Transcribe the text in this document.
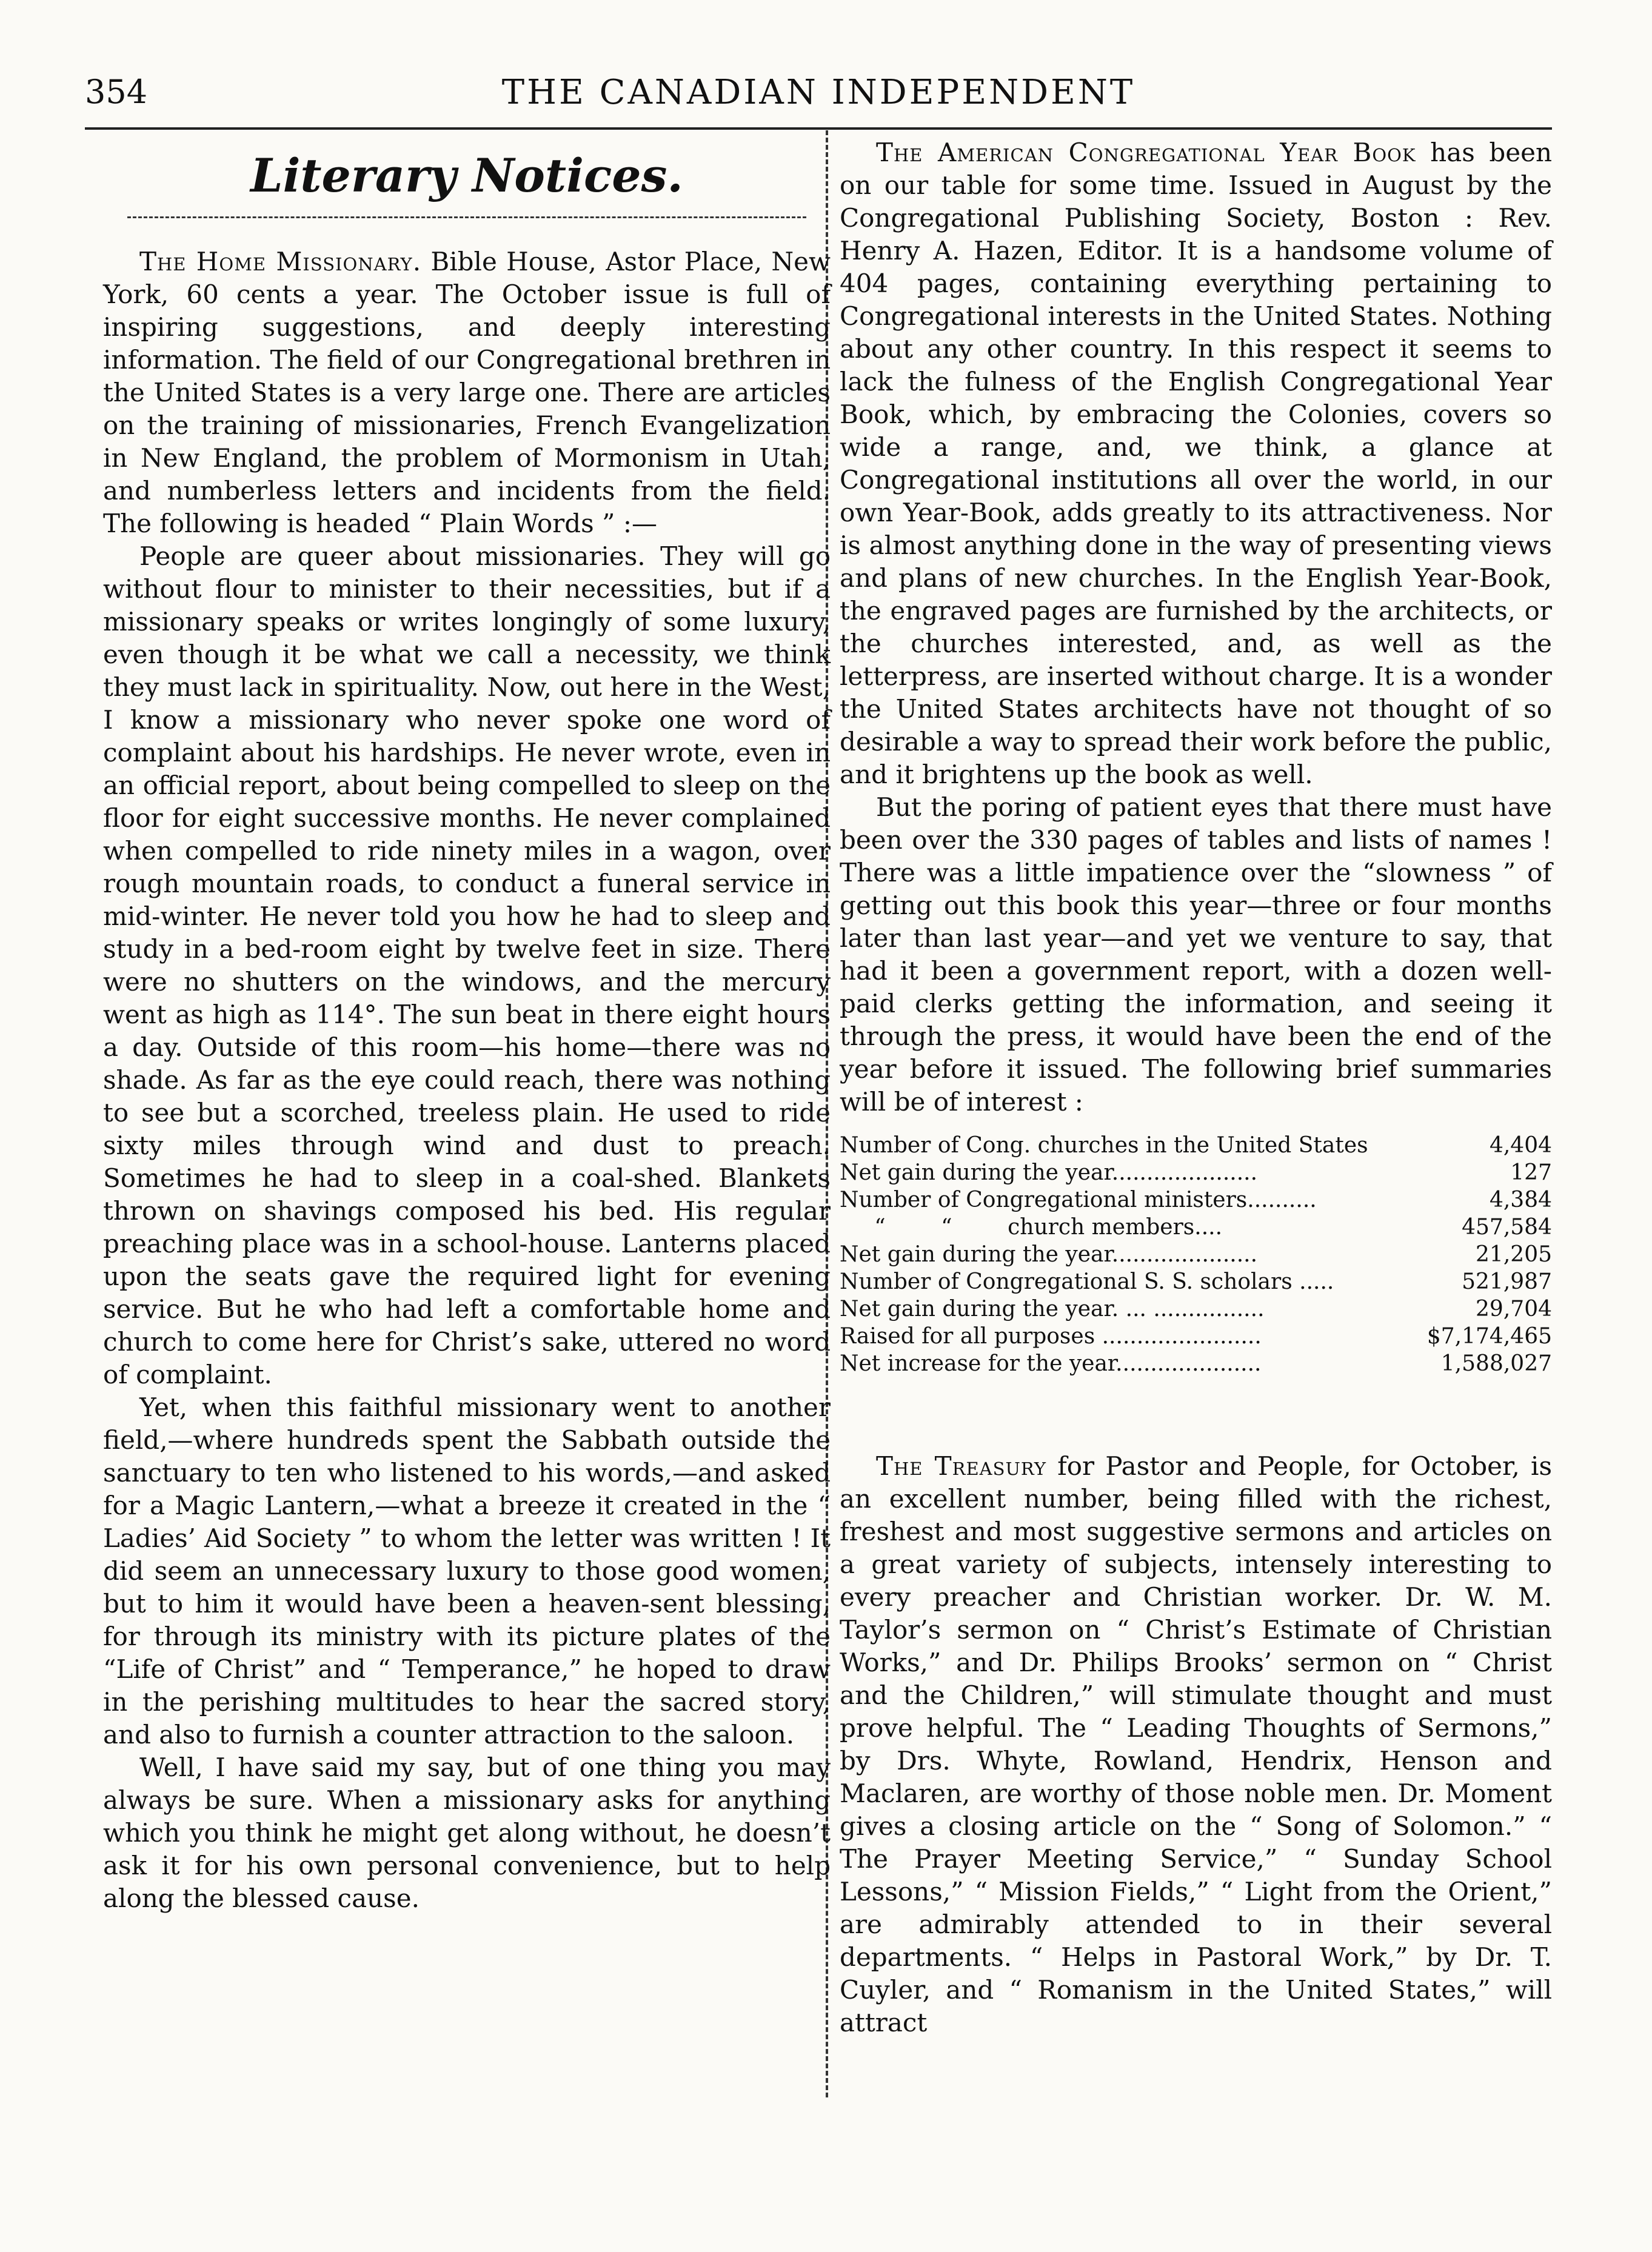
354	THE CANADIAN INDEPENDENT
Literary Notices.

The Home Missionary. Bible House, Astor Place, New York, 60 cents a year. The October issue is full of inspiring suggestions, and deeply interesting information. The field of our Congregational brethren in the United States is a very large one. There are articles on the training of missionaries, French Evangelization in New England, the problem of Mormonism in Utah, and numberless letters and incidents from the field. The following is headed “ Plain Words ” :—

People are queer about missionaries. They will go without flour to minister to their necessities, but if a missionary speaks or writes longingly of some luxury, even though it be what we call a necessity, we think they must lack in spirituality. Now, out here in the West, I know a missionary who never spoke one word of complaint about his hardships. He never wrote, even in an official report, about being compelled to sleep on the floor for eight successive months. He never complained when compelled to ride ninety miles in a wagon, over rough mountain roads, to conduct a funeral service in mid-winter. He never told you how he had to sleep and study in a bed-room eight by twelve feet in size. There were no shutters on the windows, and the mercury went as high as 114°. The sun beat in there eight hours a day. Outside of this room—his home—there was no shade. As far as the eye could reach, there was nothing to see but a scorched, treeless plain. He used to ride sixty miles through wind and dust to preach. Sometimes he had to sleep in a coal-shed. Blankets thrown on shavings composed his bed. His regular preaching place was in a school-house. Lanterns placed upon the seats gave the required light for evening service. But he who had left a comfortable home and church to come here for Christ’s sake, uttered no word of complaint.

Yet, when this faithful missionary went to another field,—where hundreds spent the Sabbath outside the sanctuary to ten who listened to his words,—and asked for a Magic Lantern,—what a breeze it created in the “ Ladies’ Aid Society ” to whom the letter was written ! It did seem an unnecessary luxury to those good women, but to him it would have been a heaven-sent blessing, for through its ministry with its picture plates of the “Life of Christ” and “ Temperance,” he hoped to draw in the perishing multitudes to hear the sacred story, and also to furnish a counter attraction to the saloon.

Well, I have said my say, but of one thing you may always be sure. When a missionary asks for anything which you think he might get along without, he doesn’t ask it for his own personal convenience, but to help along the blessed cause.

The American Congregational Year Book has been on our table for some time. Issued in August by the Congregational Publishing Society, Boston : Rev. Henry A. Hazen, Editor. It is a handsome volume of 404 pages, containing everything pertaining to Congregational interests in the United States. Nothing about any other country. In this respect it seems to lack the fulness of the English Congregational Year Book, which, by embracing the Colonies, covers so wide a range, and, we think, a glance at Congregational institutions all over the world, in our own Year-Book, adds greatly to its attractiveness. Nor is almost anything done in the way of presenting views and plans of new churches. In the English Year-Book, the engraved pages are furnished by the architects, or the churches interested, and, as well as the letterpress, are inserted without charge. It is a wonder the United States architects have not thought of so desirable a way to spread their work before the public, and it brightens up the book as well.

But the poring of patient eyes that there must have been over the 330 pages of tables and lists of names ! There was a little impatience over the “slowness ” of getting out this book this year—three or four months later than last year—and yet we venture to say, that had it been a government report, with a dozen well-paid clerks getting the information, and seeing it through the press, it would have been the end of the year before it issued. The following brief summaries will be of interest :

Number of Cong. churches in the United States	4,404
Net gain during the year.....................	127
Number of Congregational ministers..........	4,384
“        “        church members....	457,584
Net gain during the year.....................	21,205
Number of Congregational S. S. scholars .....	521,987
Net gain during the year. ... ................	29,704
Raised for all purposes .......................	$7,174,465
Net increase for the year.....................	1,588,027

The Treasury for Pastor and People, for October, is an excellent number, being filled with the richest, freshest and most suggestive sermons and articles on a great variety of subjects, intensely interesting to every preacher and Christian worker. Dr. W. M. Taylor’s sermon on “ Christ’s Estimate of Christian Works,” and Dr. Philips Brooks’ sermon on “ Christ and the Children,” will stimulate thought and must prove helpful. The “ Leading Thoughts of Sermons,” by Drs. Whyte, Rowland, Hendrix, Henson and Maclaren, are worthy of those noble men. Dr. Moment gives a closing article on the “ Song of Solomon.” “ The Prayer Meeting Service,” “ Sunday School Lessons,” “ Mission Fields,” “ Light from the Orient,” are admirably attended to in their several departments. “ Helps in Pastoral Work,” by Dr. T. Cuyler, and “ Romanism in the United States,” will attract
